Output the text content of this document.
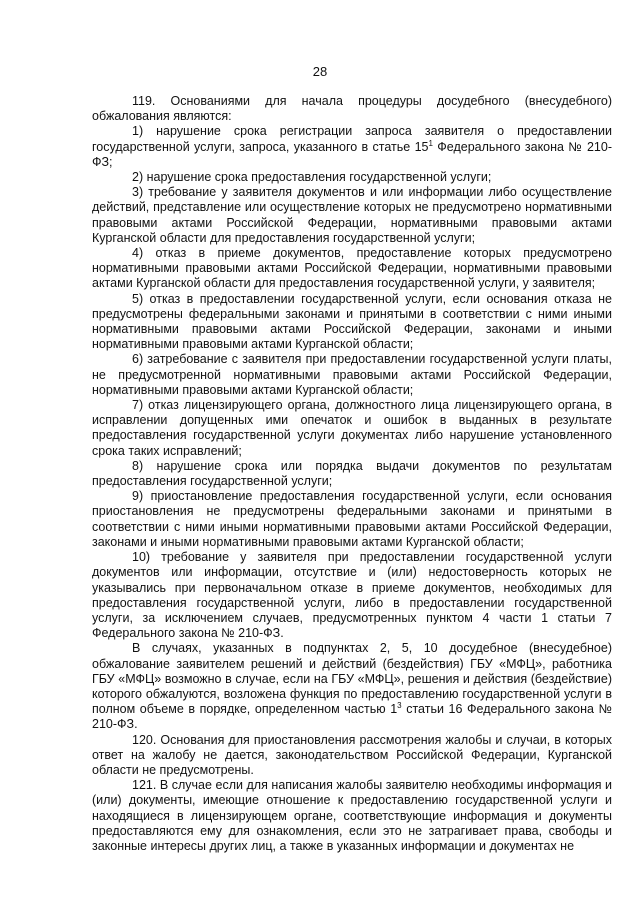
28

119. Основаниями для начала процедуры досудебного (внесудебного) обжалования являются:

1) нарушение срока регистрации запроса заявителя о предоставлении государственной услуги, запроса, указанного в статье $15^1$ Федерального закона № 210- ФЗ;

2) нарушение срока предоставления государственной услуги;

3) требование у заявителя документов и или информации либо осуществление действий, представление или осуществление которых не предусмотрено нормативными правовыми актами Российской Федерации, нормативными правовыми актами Курганской области для предоставления государственной услуги;

4) отказ в приеме документов, предоставление которых предусмотрено нормативными правовыми актами Российской Федерации, нормативными правовыми актами Курганской области для предоставления государственной услуги, у заявителя;

5) отказ в предоставлении государственной услуги, если основания отказа не предусмотрены федеральными законами и принятыми в соответствии с ними иными нормативными правовыми актами Российской Федерации, законами и иными нормативными правовыми актами Курганской области;

6) затребование с заявителя при предоставлении государственной услуги платы, не предусмотренной нормативными правовыми актами Российской Федерации, нормативными правовыми актами Курганской области;

7) отказ лицензирующего органа, должностного лица лицензирующего органа, в исправлении допущенных ими опечаток и ошибок в выданных в результате предоставления государственной услуги документах либо нарушение установленного срока таких исправлений;

8) нарушение срока или порядка выдачи документов по результатам предоставления государственной услуги;

9) приостановление предоставления государственной услуги, если основания приостановления не предусмотрены федеральными законами и принятыми в соответствии с ними иными нормативными правовыми актами Российской Федерации, законами и иными нормативными правовыми актами Курганской области;

10) требование у заявителя при предоставлении государственной услуги документов или информации, отсутствие и (или) недостоверность которых не указывались при первоначальном отказе в приеме документов, необходимых для предоставления государственной услуги, либо в предоставлении государственной услуги, за исключением случаев, предусмотренных пунктом 4 части 1 статьи 7 Федерального закона № 210-ФЗ.

В случаях, указанных в подпунктах 2, 5, 10 досудебное (внесудебное) обжалование заявителем решений и действий (бездействия) ГБУ «МФЦ», работника ГБУ «МФЦ» возможно в случае, если на ГБУ «МФЦ», решения и действия (бездействие) которого обжалуются, возложена функция по предоставлению государственной услуги в полном объеме в порядке, определенном частью $1^3$ статьи 16 Федерального закона № 210-ФЗ.

120. Основания для приостановления рассмотрения жалобы и случаи, в которых ответ на жалобу не дается, законодательством Российской Федерации, Курганской области не предусмотрены.

121. В случае если для написания жалобы заявителю необходимы информация и (или) документы, имеющие отношение к предоставлению государственной услуги и находящиеся в лицензирующем органе, соответствующие информация и документы предоставляются ему для ознакомления, если это не затрагивает права, свободы и законные интересы других лиц, а также в указанных информации и документах не
